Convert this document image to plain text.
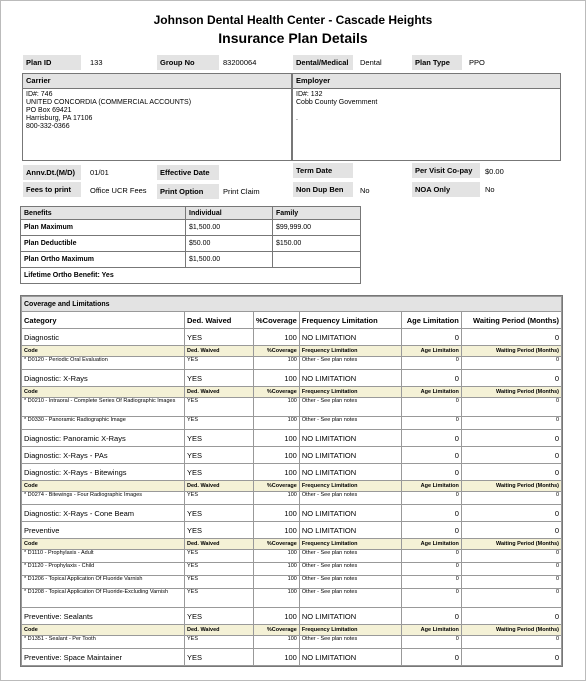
Johnson Dental Health Center - Cascade Heights
Insurance Plan Details
Plan ID	133	Group No	83200064	Dental/Medical	Dental	Plan Type	PPO
Carrier
ID#: 746
UNITED CONCORDIA (COMMERCIAL ACCOUNTS)
PO Box 69421
Harrisburg, PA 17106
800-332-0366
Employer
ID#: 132
Cobb County Government
.
Annv.Dt.(M/D)	01/01	Effective Date	Term Date	Per Visit Co-pay	$0.00
Fees to print	Office UCR Fees	Print Option	Print Claim	Non Dup Ben	No	NOA Only	No
Benefits	Individual	Family
Plan Maximum	$1,500.00	$99,999.00
Plan Deductible	$50.00	$150.00
Plan Ortho Maximum	$1,500.00	
Lifetime Ortho Benefit: Yes		
Coverage and Limitations					
Category	Ded. Waived	%Coverage	Frequency Limitation	Age Limitation	Waiting Period (Months)
Diagnostic	YES	100	NO LIMITATION	0	0
Code	Ded. Waived	%Coverage	Frequency Limitation	Age Limitation	Waiting Period (Months)
* D0120 - Periodic Oral Evaluation	YES	100	Other - See plan notes	0	0
Diagnostic: X-Rays	YES	100	NO LIMITATION	0	0
Code	Ded. Waived	%Coverage	Frequency Limitation	Age Limitation	Waiting Period (Months)
* D0210 - Intraoral - Complete Series Of Radiographic Images	YES	100	Other - See plan notes	0	0
* D0330 - Panoramic Radiographic Image	YES	100	Other - See plan notes	0	0
Diagnostic: Panoramic X-Rays	YES	100	NO LIMITATION	0	0
Diagnostic: X-Rays - PAs	YES	100	NO LIMITATION	0	0
Diagnostic: X-Rays - Bitewings	YES	100	NO LIMITATION	0	0
Code	Ded. Waived	%Coverage	Frequency Limitation	Age Limitation	Waiting Period (Months)
* D0274 - Bitewings - Four Radiographic Images	YES	100	Other - See plan notes	0	0
Diagnostic: X-Rays - Cone Beam	YES	100	NO LIMITATION	0	0
Preventive	YES	100	NO LIMITATION	0	0
Code	Ded. Waived	%Coverage	Frequency Limitation	Age Limitation	Waiting Period (Months)
* D1110 - Prophylaxis - Adult	YES	100	Other - See plan notes	0	0
* D1120 - Prophylaxis - Child	YES	100	Other - See plan notes	0	0
* D1206 - Topical Application Of Fluoride Varnish	YES	100	Other - See plan notes	0	0
* D1208 - Topical Application Of Fluoride-Excluding Varnish	YES	100	Other - See plan notes	0	0
Preventive: Sealants	YES	100	NO LIMITATION	0	0
Code	Ded. Waived	%Coverage	Frequency Limitation	Age Limitation	Waiting Period (Months)
* D1351 - Sealant - Per Tooth	YES	100	Other - See plan notes	0	0
Preventive: Space Maintainer	YES	100	NO LIMITATION	0	0
